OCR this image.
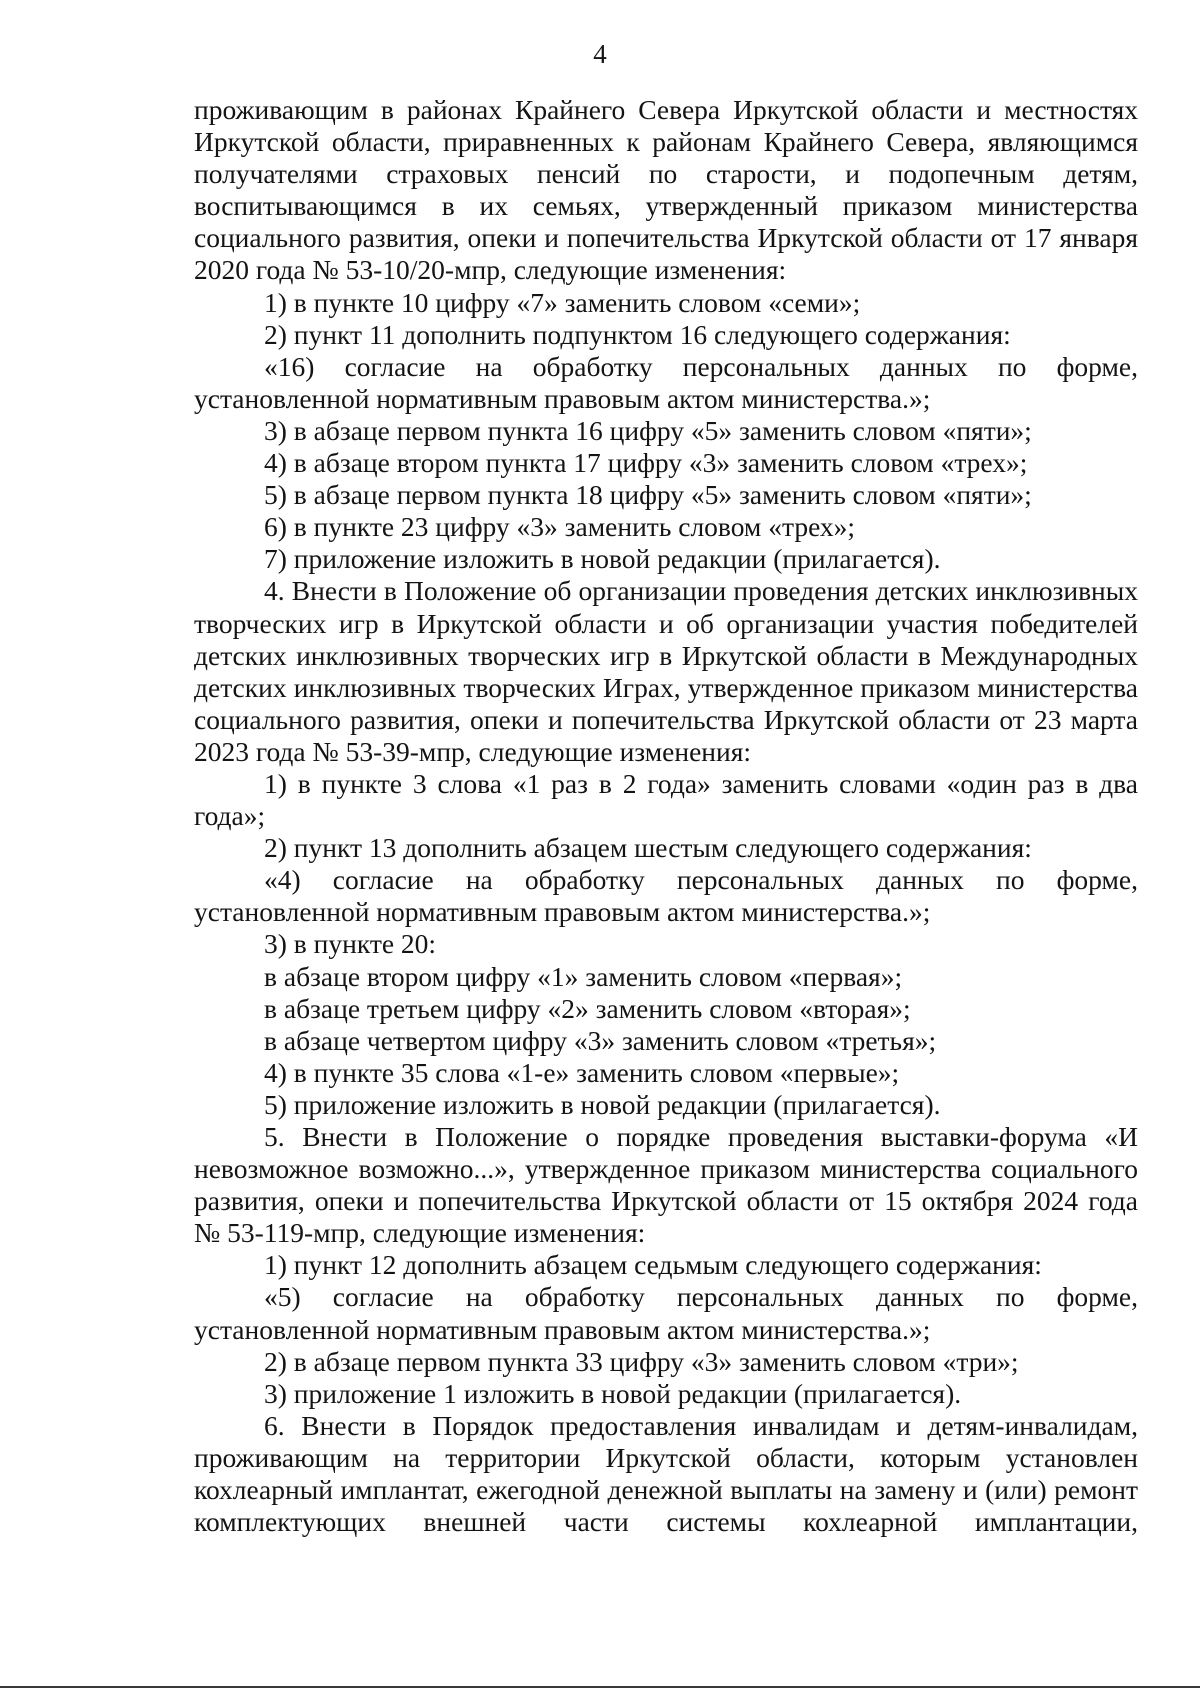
4

проживающим в районах Крайнего Севера Иркутской области и местностях Иркутской области, приравненных к районам Крайнего Севера, являющимся получателями страховых пенсий по старости, и подопечным детям, воспитывающимся в их семьях, утвержденный приказом министерства социального развития, опеки и попечительства Иркутской области от 17 января 2020 года № 53-10/20-мпр, следующие изменения:

1) в пункте 10 цифру «7» заменить словом «семи»;

2) пункт 11 дополнить подпунктом 16 следующего содержания:

«16) согласие на обработку персональных данных по форме, установленной нормативным правовым актом министерства.»;

3) в абзаце первом пункта 16 цифру «5» заменить словом «пяти»;

4) в абзаце втором пункта 17 цифру «3» заменить словом «трех»;

5) в абзаце первом пункта 18 цифру «5» заменить словом «пяти»;

6) в пункте 23 цифру «3» заменить словом «трех»;

7) приложение изложить в новой редакции (прилагается).

4. Внести в Положение об организации проведения детских инклюзивных творческих игр в Иркутской области и об организации участия победителей детских инклюзивных творческих игр в Иркутской области в Международных детских инклюзивных творческих Играх, утвержденное приказом министерства социального развития, опеки и попечительства Иркутской области от 23 марта 2023 года № 53-39-мпр, следующие изменения:

1) в пункте 3 слова «1 раз в 2 года» заменить словами «один раз в два года»;

2) пункт 13 дополнить абзацем шестым следующего содержания:

«4) согласие на обработку персональных данных по форме, установленной нормативным правовым актом министерства.»;

3) в пункте 20:

в абзаце втором цифру «1» заменить словом «первая»;

в абзаце третьем цифру «2» заменить словом «вторая»;

в абзаце четвертом цифру «3» заменить словом «третья»;

4) в пункте 35 слова «1-е» заменить словом «первые»;

5) приложение изложить в новой редакции (прилагается).

5. Внести в Положение о порядке проведения выставки-форума «И невозможное возможно...», утвержденное приказом министерства социального развития, опеки и попечительства Иркутской области от 15 октября 2024 года № 53-119-мпр, следующие изменения:

1) пункт 12 дополнить абзацем седьмым следующего содержания:

«5) согласие на обработку персональных данных по форме, установленной нормативным правовым актом министерства.»;

2) в абзаце первом пункта 33 цифру «3» заменить словом «три»;

3) приложение 1 изложить в новой редакции (прилагается).

6. Внести в Порядок предоставления инвалидам и детям-инвалидам, проживающим на территории Иркутской области, которым установлен кохлеарный имплантат, ежегодной денежной выплаты на замену и (или) ремонт комплектующих внешней части системы кохлеарной имплантации,
